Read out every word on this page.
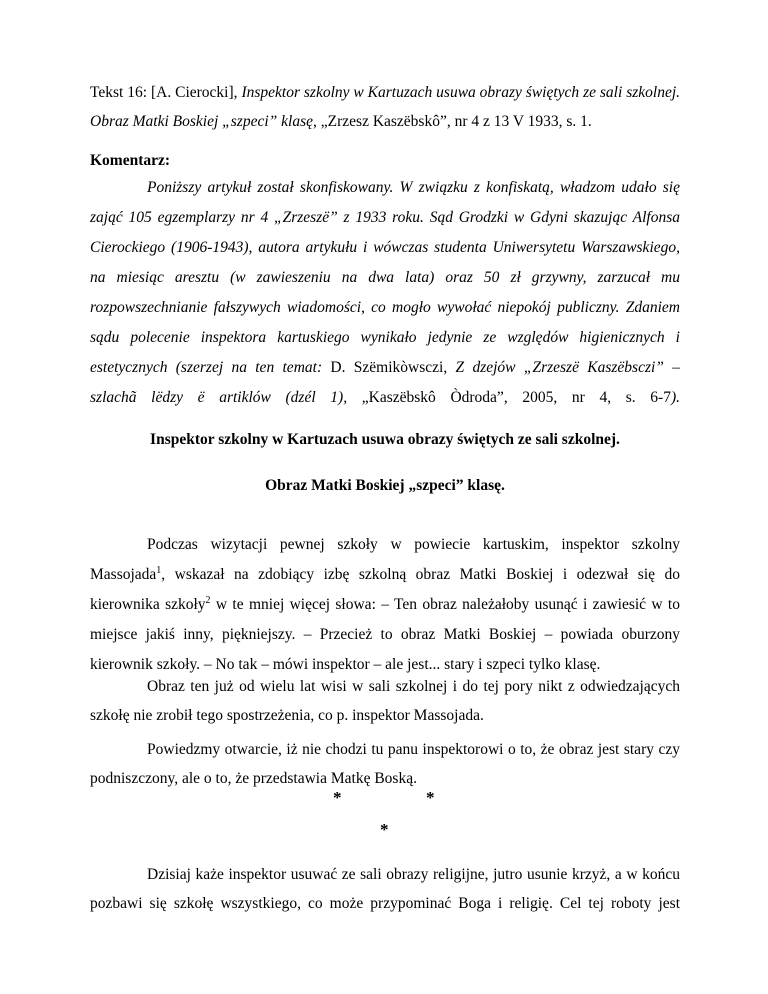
Tekst 16: [A. Cierocki], Inspektor szkolny w Kartuzach usuwa obrazy świętych ze sali szkolnej. Obraz Matki Boskiej „szpeci” klasę, „Zrzesz Kaszëbskô”, nr 4 z 13 V 1933, s. 1.
Komentarz:
Poniższy artykuł został skonfiskowany. W związku z konfiskatą, władzom udało się zająć 105 egzemplarzy nr 4 „Zrzeszë” z 1933 roku. Sąd Grodzki w Gdyni skazując Alfonsa Cierockiego (1906-1943), autora artykułu i wówczas studenta Uniwersytetu Warszawskiego, na miesiąc aresztu (w zawieszeniu na dwa lata) oraz 50 zł grzywny, zarzucał mu rozpowszechnianie fałszywych wiadomości, co mogło wywołać niepokój publiczny. Zdaniem sądu polecenie inspektora kartuskiego wynikało jedynie ze względów higienicznych i estetycznych (szerzej na ten temat: D. Szëmikòwsczi, Z dzejów „Zrzeszë Kaszëbsczi” – szlachã lëdzy ë artiklów (dzél 1), „Kaszëbskô Òdroda”, 2005, nr 4, s. 6-7).
Inspektor szkolny w Kartuzach usuwa obrazy świętych ze sali szkolnej.
Obraz Matki Boskiej „szpeci” klasę.
Podczas wizytacji pewnej szkoły w powiecie kartuskim, inspektor szkolny Massojada$^1$, wskazał na zdobiący izbę szkolną obraz Matki Boskiej i odezwał się do kierownika szkoły$^2$ w te mniej więcej słowa: – Ten obraz należałoby usunąć i zawiesić w to miejsce jakiś inny, piękniejszy. – Przecież to obraz Matki Boskiej – powiada oburzony kierownik szkoły. – No tak – mówi inspektor – ale jest... stary i szpeci tylko klasę.
Obraz ten już od wielu lat wisi w sali szkolnej i do tej pory nikt z odwiedzających szkołę nie zrobił tego spostrzeżenia, co p. inspektor Massojada.
Powiedzmy otwarcie, iż nie chodzi tu panu inspektorowi o to, że obraz jest stary czy podniszczony, ale o to, że przedstawia Matkę Boską.
*	*
*
Dzisiaj każe inspektor usuwać ze sali obrazy religijne, jutro usunie krzyż, a w końcu pozbawi się szkołę wszystkiego, co może przypominać Boga i religię. Cel tej roboty jest
